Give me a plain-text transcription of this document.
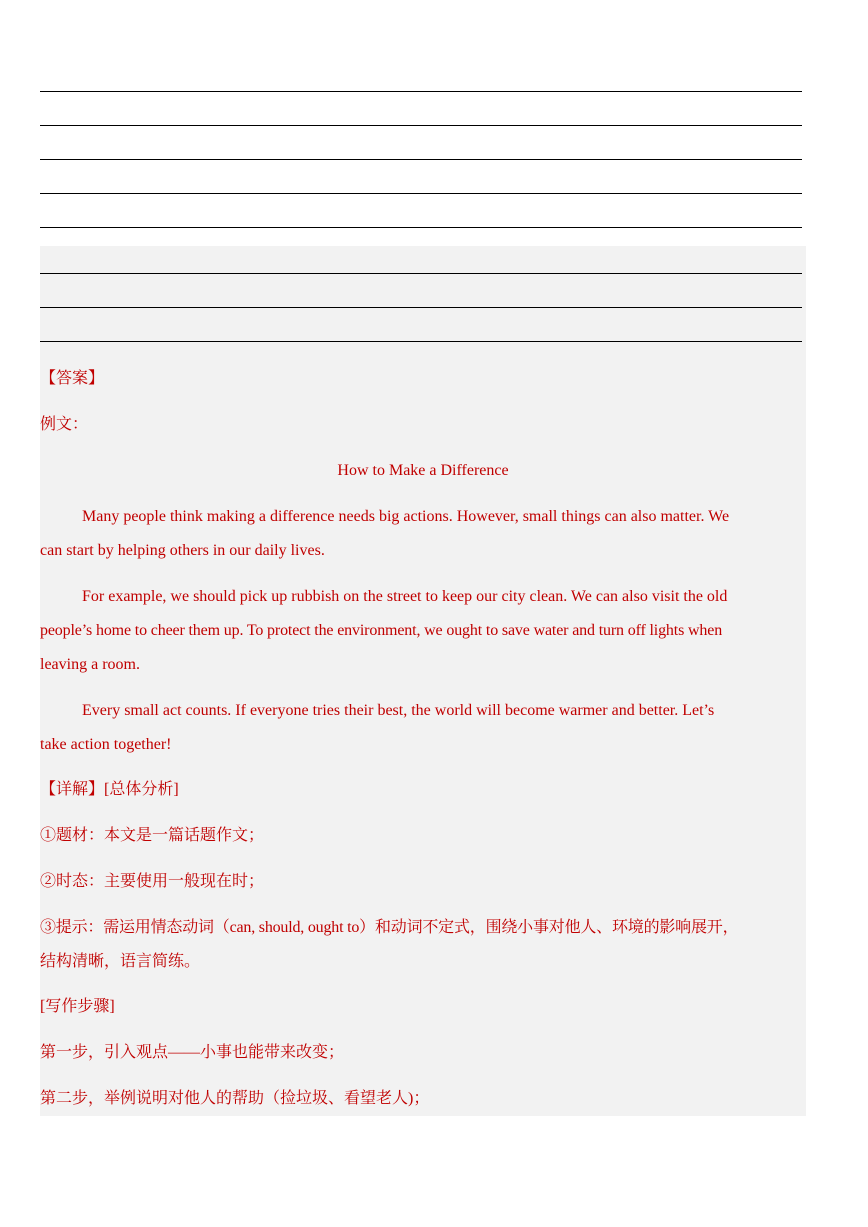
【答案】
例文：
How to Make a Difference
Many people think making a difference needs big actions. However, small things can also matter. We
can start by helping others in our daily lives.
For example, we should pick up rubbish on the street to keep our city clean. We can also visit the old
people’s home to cheer them up. To protect the environment, we ought to save water and turn off lights when
leaving a room.
Every small act counts. If everyone tries their best, the world will become warmer and better. Let’s
take action together!
【详解】[总体分析]
①题材：本文是一篇话题作文；
②时态：主要使用一般现在时；
③提示：需运用情态动词（can, should, ought to）和动词不定式，围绕小事对他人、环境的影响展开，
结构清晰，语言简练。
[写作步骤]
第一步，引入观点——小事也能带来改变；
第二步，举例说明对他人的帮助（捡垃圾、看望老人)；
